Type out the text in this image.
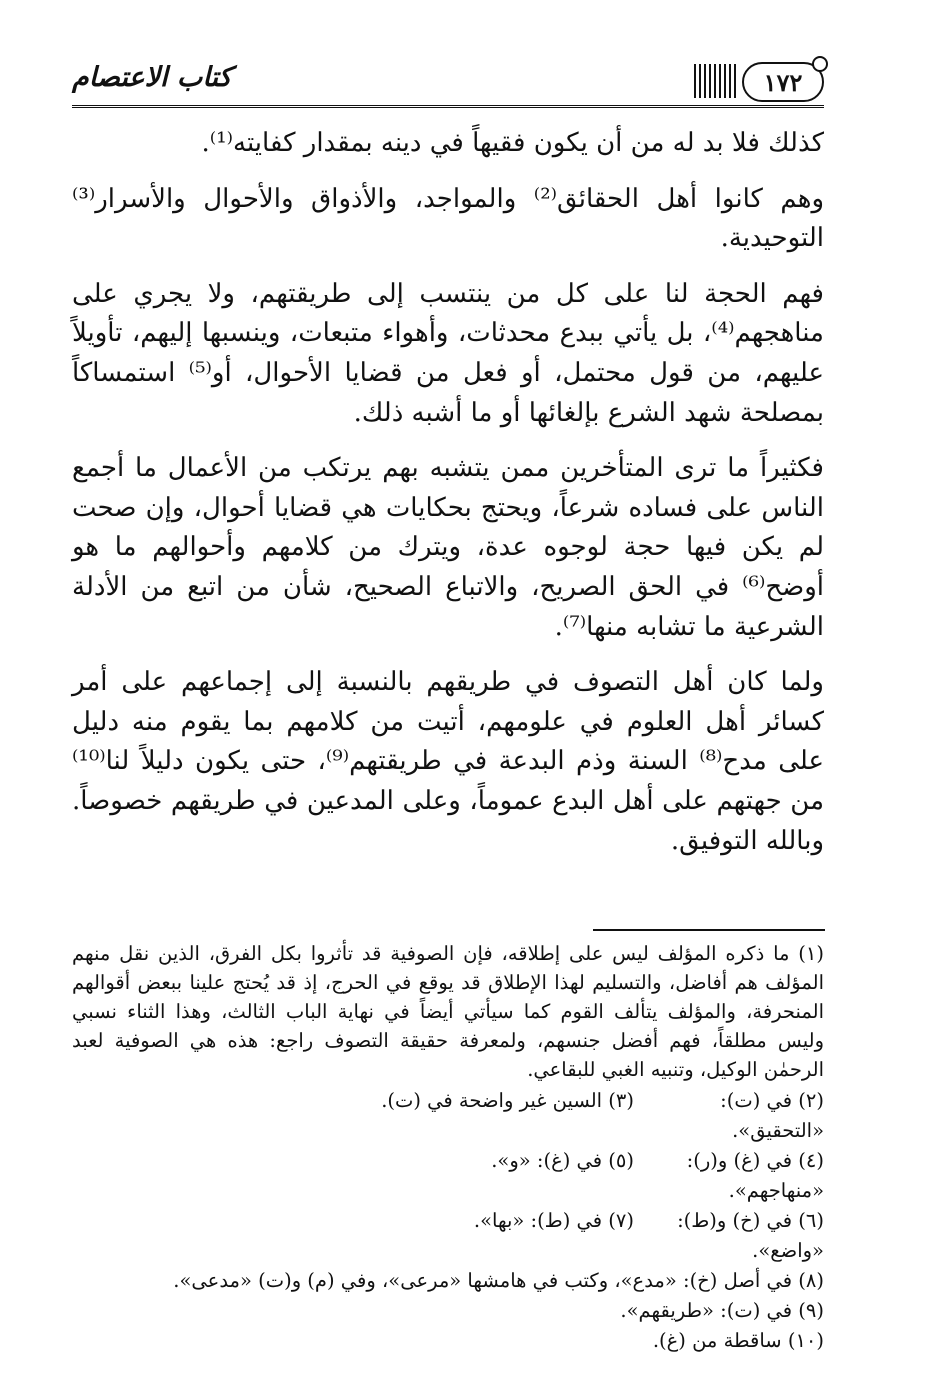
١٧٢
كتاب الاعتصام

كذلك فلا بد له من أن يكون فقيهاً في دينه بمقدار كفايته⁽¹⁾.

وهم كانوا أهل الحقائق⁽²⁾ والمواجد، والأذواق والأحوال والأسرار⁽³⁾ التوحيدية.

فهم الحجة لنا على كل من ينتسب إلى طريقتهم، ولا يجري على مناهجهم⁽⁴⁾، بل يأتي ببدع محدثات، وأهواء متبعات، وينسبها إليهم، تأويلاً عليهم، من قول محتمل، أو فعل من قضايا الأحوال، أو⁽⁵⁾ استمساكاً بمصلحة شهد الشرع بإلغائها أو ما أشبه ذلك.

فكثيراً ما ترى المتأخرين ممن يتشبه بهم يرتكب من الأعمال ما أجمع الناس على فساده شرعاً، ويحتج بحكايات هي قضايا أحوال، وإن صحت لم يكن فيها حجة لوجوه عدة، ويترك من كلامهم وأحوالهم ما هو أوضح⁽⁶⁾ في الحق الصريح، والاتباع الصحيح، شأن من اتبع من الأدلة الشرعية ما تشابه منها⁽⁷⁾.

ولما كان أهل التصوف في طريقهم بالنسبة إلى إجماعهم على أمر كسائر أهل العلوم في علومهم، أتيت من كلامهم بما يقوم منه دليل على مدح⁽⁸⁾ السنة وذم البدعة في طريقتهم⁽⁹⁾، حتى يكون دليلاً لنا⁽¹⁰⁾ من جهتهم على أهل البدع عموماً، وعلى المدعين في طريقهم خصوصاً. وبالله التوفيق.

(١) ما ذكره المؤلف ليس على إطلاقه، فإن الصوفية قد تأثروا بكل الفرق، الذين نقل منهم المؤلف هم أفاضل، والتسليم لهذا الإطلاق قد يوقع في الحرج، إذ قد يُحتج علينا ببعض أقوالهم المنحرفة، والمؤلف يتألف القوم كما سيأتي أيضاً في نهاية الباب الثالث، وهذا الثناء نسبي وليس مطلقاً، فهم أفضل جنسهم، ولمعرفة حقيقة التصوف راجع: هذه هي الصوفية لعبد الرحمٰن الوكيل، وتنبيه الغبي للبقاعي.

(٢) في (ت): «التحقيق».
(٣) السين غير واضحة في (ت).
(٤) في (غ) و(ر): «منهاجهم».
(٥) في (غ): «و».
(٦) في (خ) و(ط): «واضع».
(٧) في (ط): «بها».
(٨) في أصل (خ): «مدع»، وكتب في هامشها «مرعى»، وفي (م) و(ت) «مدعى».
(٩) في (ت): «طريقهم».
(١٠) ساقطة من (غ).
